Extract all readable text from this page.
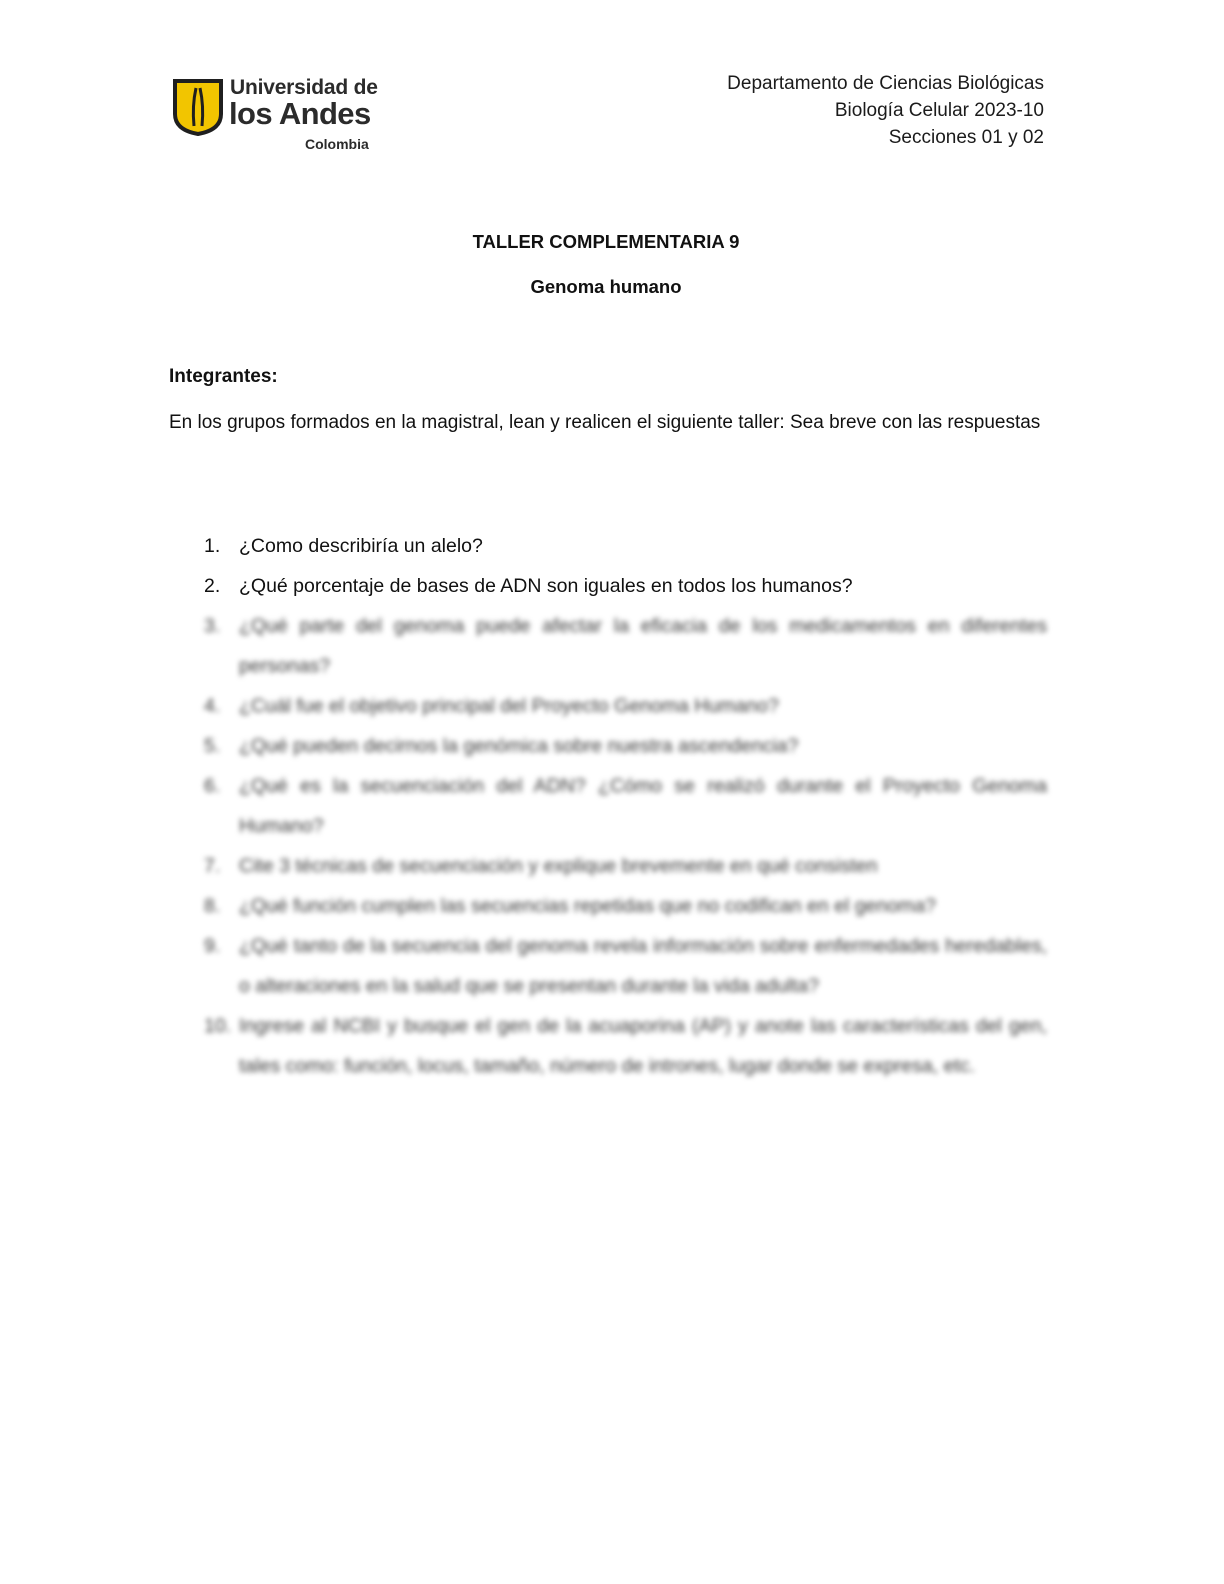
Universidad de
los Andes
Colombia
Departamento de Ciencias Biológicas
Biología Celular 2023-10
Secciones 01 y 02
TALLER COMPLEMENTARIA 9
Genoma humano
Integrantes:
En los grupos formados en la magistral, lean y realicen el siguiente taller: Sea breve con las respuestas
1. ¿Como describiría un alelo?
2. ¿Qué porcentaje de bases de ADN son iguales en todos los humanos?
3. ¿Qué parte del genoma puede afectar la eficacia de los medicamentos en diferentes personas?
4. ¿Cuál fue el objetivo principal del Proyecto Genoma Humano?
5. ¿Qué pueden decirnos la genómica sobre nuestra ascendencia?
6. ¿Qué es la secuenciación del ADN? ¿Cómo se realizó durante el Proyecto Genoma Humano?
7. Cite 3 técnicas de secuenciación y explique brevemente en qué consisten
8. ¿Qué función cumplen las secuencias repetidas que no codifican en el genoma?
9. ¿Qué tanto de la secuencia del genoma revela información sobre enfermedades heredables, o alteraciones en la salud que se presentan durante la vida adulta?
10. Ingrese al NCBI y busque el gen de la acuaporina (AP) y anote las características del gen, tales como: función, locus, tamaño, número de intrones, lugar donde se expresa, etc.
